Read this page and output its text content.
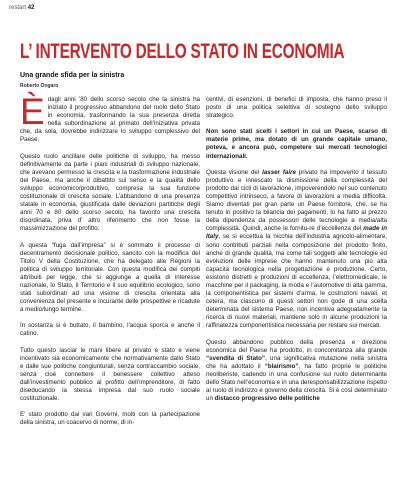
restart 42
L’ INTERVENTO DELLO STATO IN ECONOMIA
Una grande sfida per la sinistra
Roberto Ongaro

Èdagli anni ’80 dello scorso secolo che la sinistra ha iniziato il progressivo abbandono del ruolo dello Stato in economia, trasformando la sua presenza diretta nella subordinazione al primato dell’iniziativa privata che, da sola, dovrebbe indirizzare lo sviluppo complessivo del Paese.

Questo ruolo ancillare delle politiche di sviluppo, ha messo definitivamente da parte i piani industriali di sviluppo nazionale, che avevano permesso la crescita e la trasformazione industriale del Paese, ma anche il dibattito sul senso e la qualità dello sviluppo economico/produttivo, compresa la sua funzione costituzionale di crescita sociale. L’abbandono di una presenza statale in economia, giustificata dalle deviazioni partitiche degli anni 70 e 80 dello scorso secolo, ha favorito una crescita disordinata, priva d’ altro riferimento che non fosse la massimizzazione del profitto.

A questa “fuga dall’impresa” si è sommato il processo di decentramento decisionale politico, sancito con la modifica del Titolo V della Costituzione, che ha delegato alle Regioni la politica di sviluppo territoriale. Con questa modifica dei compiti attribuiti per legge, che si aggiunge a quella di interesse nazionale, lo Stato, il Territorio e il suo equilibrio ecologico, sono stati subordinati ad una visione di crescita orientata alla convenienza del presente e incurante delle prospettive e ricadute a medio/lungo termine.

In sostanza si è buttato, il bambino, l’acqua sporca e anche il catino.

Tutto questo lasciar le mani libere al privato è stato e viene incentivato sia economicamente che normativamente dallo Stato e dalle sue politiche congiunturali, senza contraccambio sociale, senza cioè connettere il benessere collettivo atteso dall’investimento pubblico al profitto dell’imprenditore, di fatto diseducando la stessa impresa dal suo ruolo sociale costituzionale.

E’ stato prodotto dai vari Governi, molti con la partecipazione della sinistra, un coacervo di norme, di in-

centivi, di esenzioni, di benefici di imposta, che hanno preso il posto di una politica selettiva di sostegno dello sviluppo strategico.

Non sono stati scelti i settori in cui un Paese, scarso di materie prime, ma dotato di un grande capitale umano, poteva, e ancora può, competere sui mercati tecnologici internazionali.

Questa visione del lasser faire privato ha impoverito il tessuto produttivo e innescato la dismissione della complessità del prodotto dai cicli di lavorazione, impoverendolo nel suo contenuto competitivo intrinseco, a favore di lavorazioni a media difficoltà. Siamo diventati per gran parte un Paese fornitore, che, se ha tenuto in positivo la bilancia dei pagamenti, lo ha fatto al prezzo della dipendenza da possessori delle tecnologie a media/alta complessità. Quindi, anche le fornitu-re d’eccellenza del made in Italy, se si eccettua la nicchia dell’industria agricolo-alimentare, sono contributi parziali nella composizione del prodotto finito, anche di grande qualità, ma come tali soggetti alle tecnologie ed evoluzioni delle imprese che hanno mantenuto una più alta capacità tecnologica nella progettazione e produzione. Certo, esistono distretti e produzioni di eccellenza, l’elettromedicale, le macchine per il packaging, la moda e l’automotive di alta gamma, la componentistica per sistemi d’arma, le costruzioni navali, et cetera, ma ciascuno di questi settori non gode di una scelta determinata del sistema Paese, non incentiva adeguatamente la ricerca di nuovi materiali, mantiene solo in alcune produzioni la raffinatezza componentistica necessaria per restare sui mercati.

Questo abbandono pubblico della presenza e direzione economica del Paese ha prodotto, in concomitanza alla grande “svendita di Stato”, una significativa mutazione nella sinistra che ha adottato il “blairismo”, ha fatto proprie le politiche neoliberiste, cadendo in una confusione sul ruolo determinante dello Stato nell’economia e in una deresponsabilizzazione rispetto al ruolo di indirizzo e governo della crescita. Si è così determinato un distacco progressivo delle politiche
